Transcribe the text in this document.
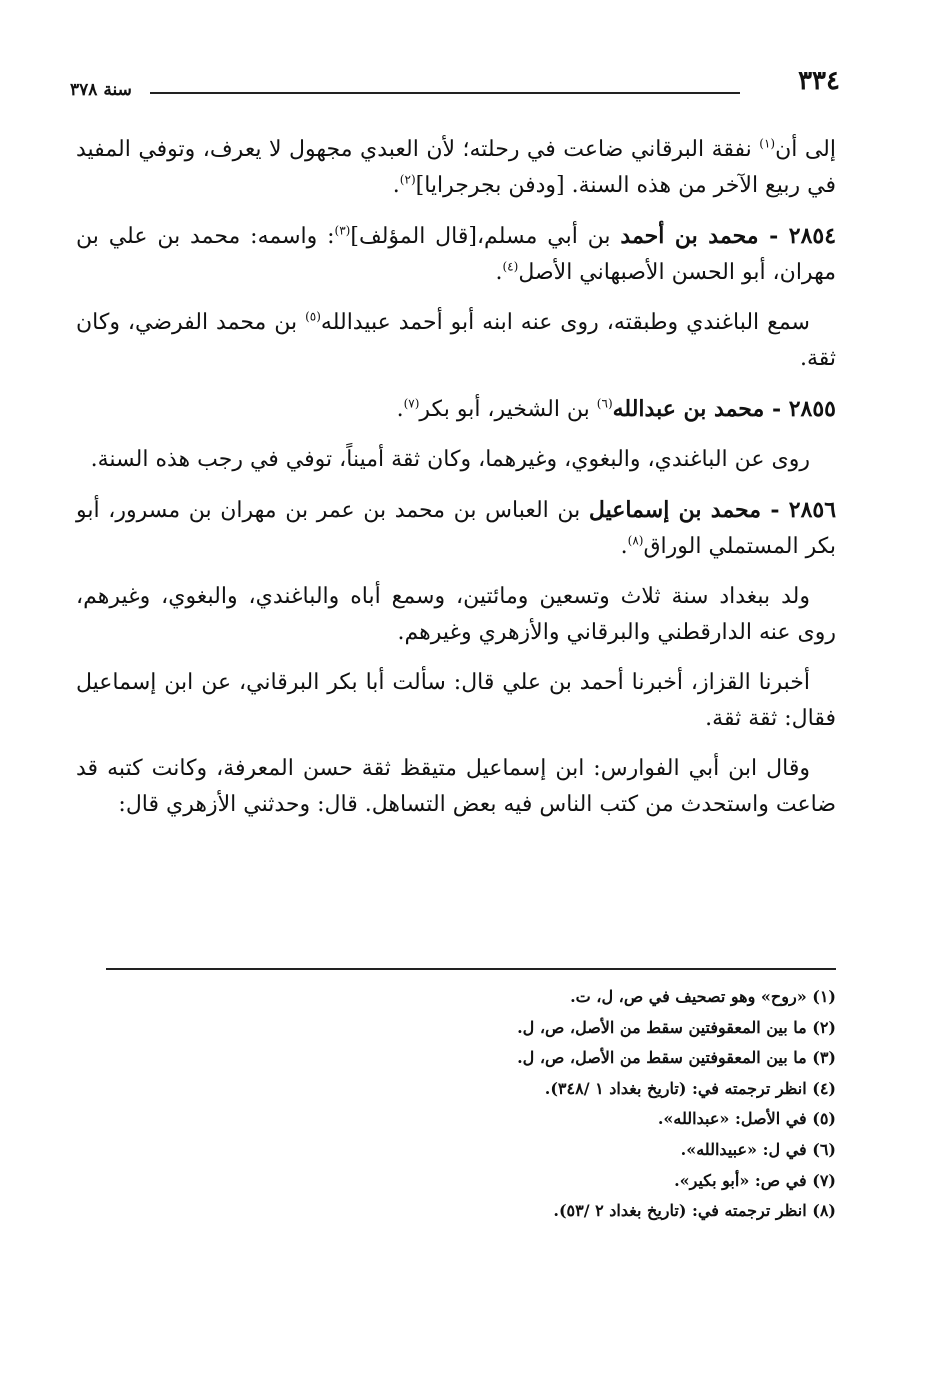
٣٣٤
سنة ٣٧٨

إلى أن$^{(١)}$ نفقة البرقاني ضاعت في رحلته؛ لأن العبدي مجهول لا يعرف، وتوفي المفيد في ربيع الآخر من هذه السنة. [ودفن بجرجرايا]$^{(٢)}$.

٢٨٥٤ - محمد بن أحمد بن أبي مسلم،[قال المؤلف]$^{(٣)}$: واسمه: محمد بن علي بن مهران، أبو الحسن الأصبهاني الأصل$^{(٤)}$.

سمع الباغندي وطبقته، روى عنه ابنه أبو أحمد عبيدالله$^{(٥)}$ بن محمد الفرضي، وكان ثقة.

٢٨٥٥ - محمد بن عبدالله$^{(٦)}$ بن الشخير، أبو بكر$^{(٧)}$.

روى عن الباغندي، والبغوي، وغيرهما، وكان ثقة أميناً، توفي في رجب هذه السنة.

٢٨٥٦ - محمد بن إسماعيل بن العباس بن محمد بن عمر بن مهران بن مسرور، أبو بكر المستملي الوراق$^{(٨)}$.

ولد ببغداد سنة ثلاث وتسعين ومائتين، وسمع أباه والباغندي، والبغوي، وغيرهم، روى عنه الدارقطني والبرقاني والأزهري وغيرهم.

أخبرنا القزاز، أخبرنا أحمد بن علي قال: سألت أبا بكر البرقاني، عن ابن إسماعيل فقال: ثقة ثقة.

وقال ابن أبي الفوارس: ابن إسماعيل متيقظ ثقة حسن المعرفة، وكانت كتبه قد ضاعت واستحدث من كتب الناس فيه بعض التساهل. قال: وحدثني الأزهري قال:

(١) «روح» وهو تصحيف في ص، ل، ت.
(٢) ما بين المعقوفتين سقط من الأصل، ص، ل.
(٣) ما بين المعقوفتين سقط من الأصل، ص، ل.
(٤) انظر ترجمته في: (تاريخ بغداد ١ /٣٤٨).
(٥) في الأصل: «عبدالله».
(٦) في ل: «عبيدالله».
(٧) في ص: «أبو بكير».
(٨) انظر ترجمته في: (تاريخ بغداد ٢ /٥٣).
